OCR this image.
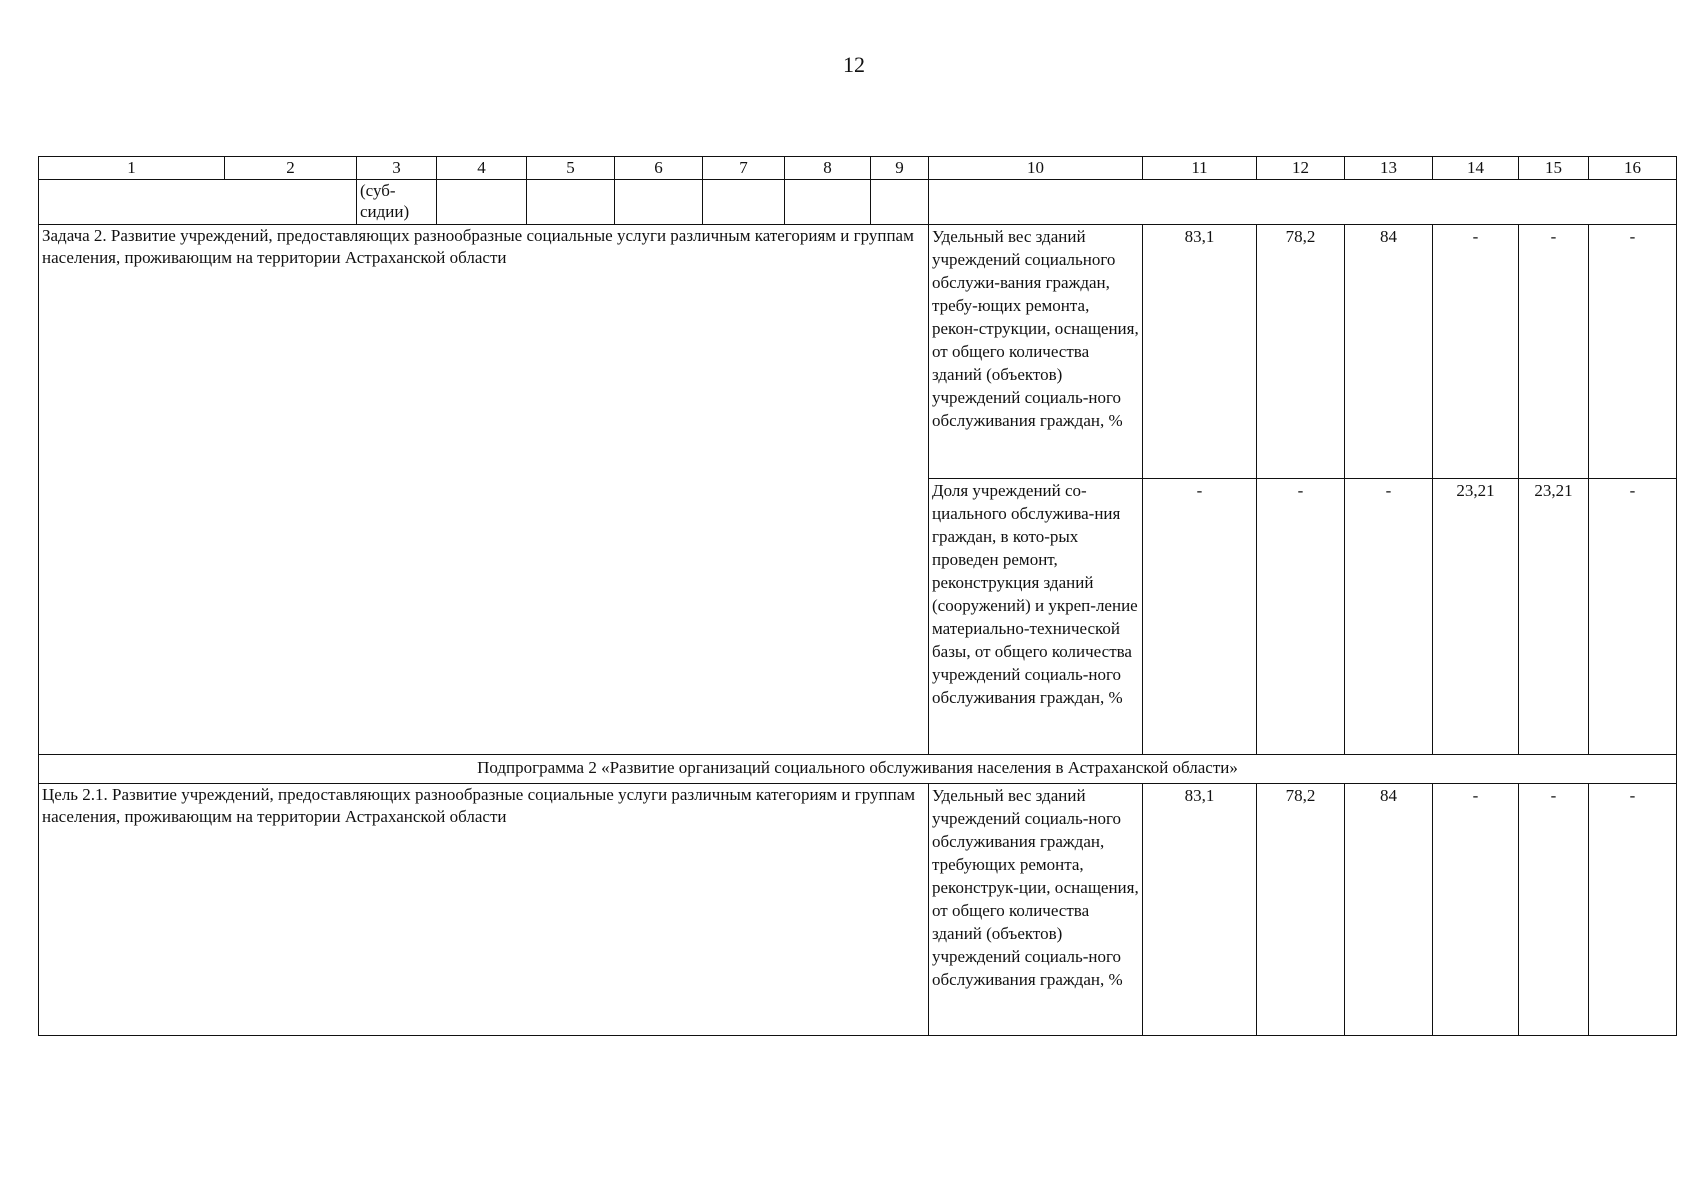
12
1	2	3	4	5	6	7	8	9	10	11	12	13	14	15	16
		(суб-
сидии)													
Задача 2. Развитие учреждений, предоставляющих разнообразные социальные услуги различным категориям и группам населения, проживающим на территории Астраханской области									Удельный вес зданий учреждений социального обслужи-вания граждан, требу-ющих ремонта, рекон-струкции, оснащения, от общего количества зданий (объектов) учреждений социаль-ного обслуживания граждан, %	83,1	78,2	84	-	-	-
									Доля учреждений со-циального обслужива-ния граждан, в кото-рых проведен ремонт, реконструкция зданий (сооружений) и укреп-ление материально-технической базы, от общего количества учреждений социаль-ного обслуживания граждан, %	-	-	-	23,21	23,21	-
Подпрограмма 2 «Развитие организаций социального обслуживания населения в Астраханской области»															
Цель 2.1. Развитие учреждений, предоставляющих разнообразные социальные услуги различным категориям и группам населения, проживающим на территории Астраханской области									Удельный вес зданий учреждений социаль-ного обслуживания граждан, требующих ремонта, реконструк-ции, оснащения, от общего количества зданий (объектов) учреждений социаль-ного обслуживания граждан, %	83,1	78,2	84	-	-	-
